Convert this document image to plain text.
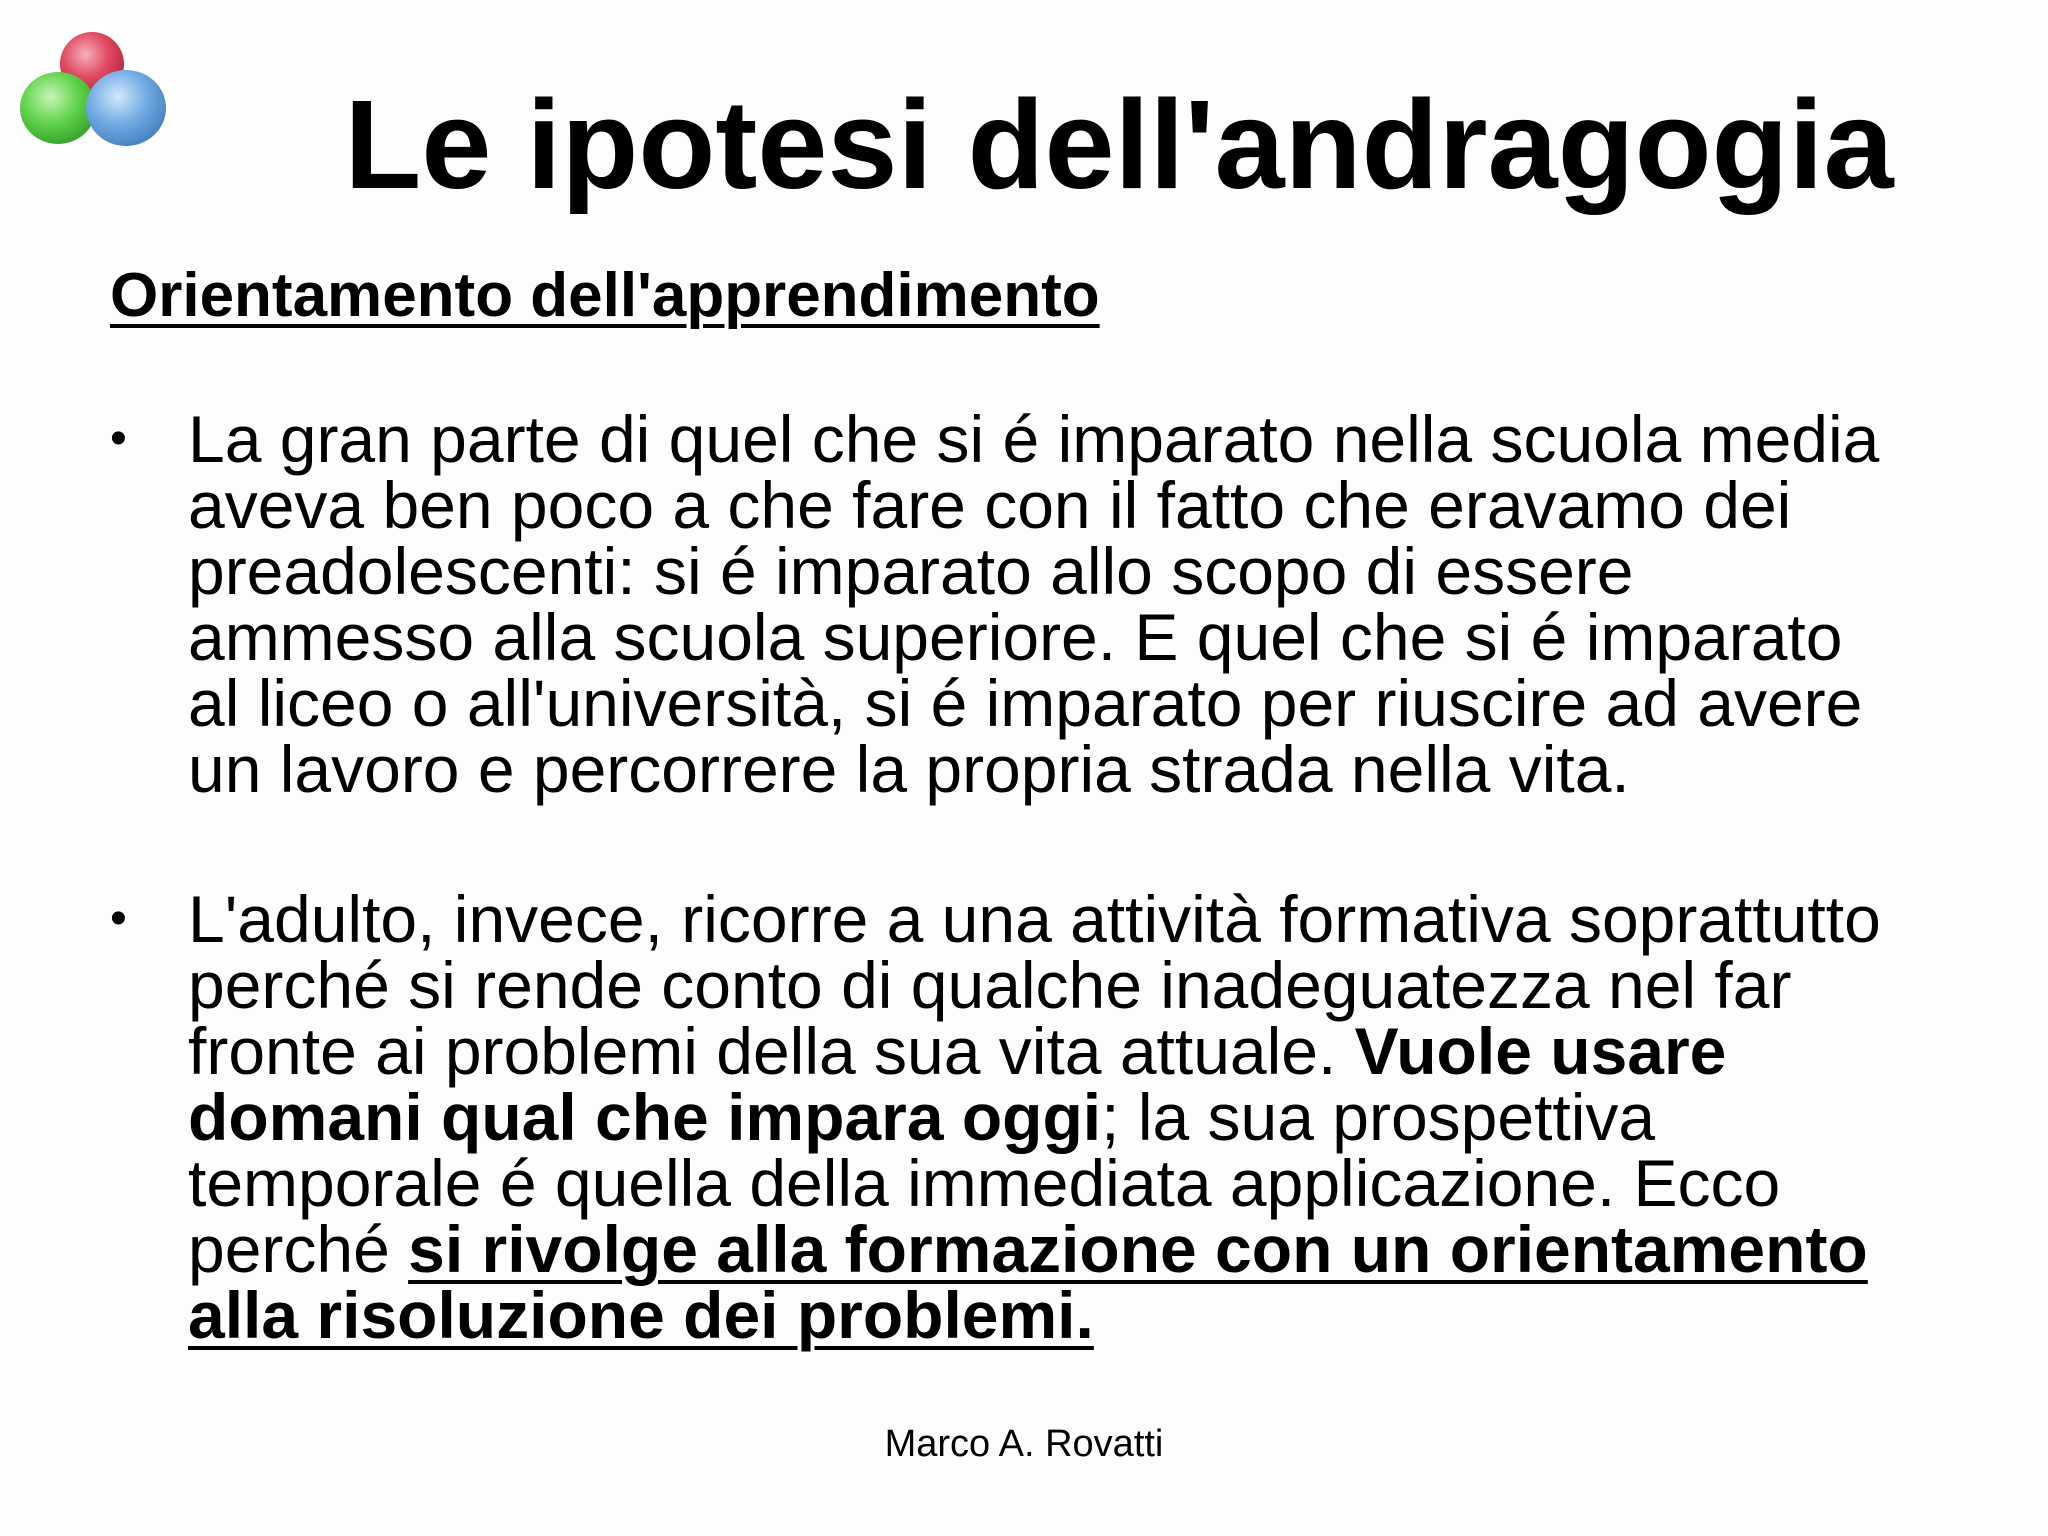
Le ipotesi dell'andragogia
Orientamento dell'apprendimento
• La gran parte di quel che si é imparato nella scuola media
aveva ben poco a che fare con il fatto che eravamo dei
preadolescenti: si é imparato allo scopo di essere
ammesso alla scuola superiore. E quel che si é imparato
al liceo o all'università, si é imparato per riuscire ad avere
un lavoro e percorrere la propria strada nella vita.
• L'adulto, invece, ricorre a una attività formativa soprattutto
perché si rende conto di qualche inadeguatezza nel far
fronte ai problemi della sua vita attuale. Vuole usare
domani qual che impara oggi; la sua prospettiva
temporale é quella della immediata applicazione. Ecco
perché si rivolge alla formazione con un orientamento
alla risoluzione dei problemi.
Marco A. Rovatti
